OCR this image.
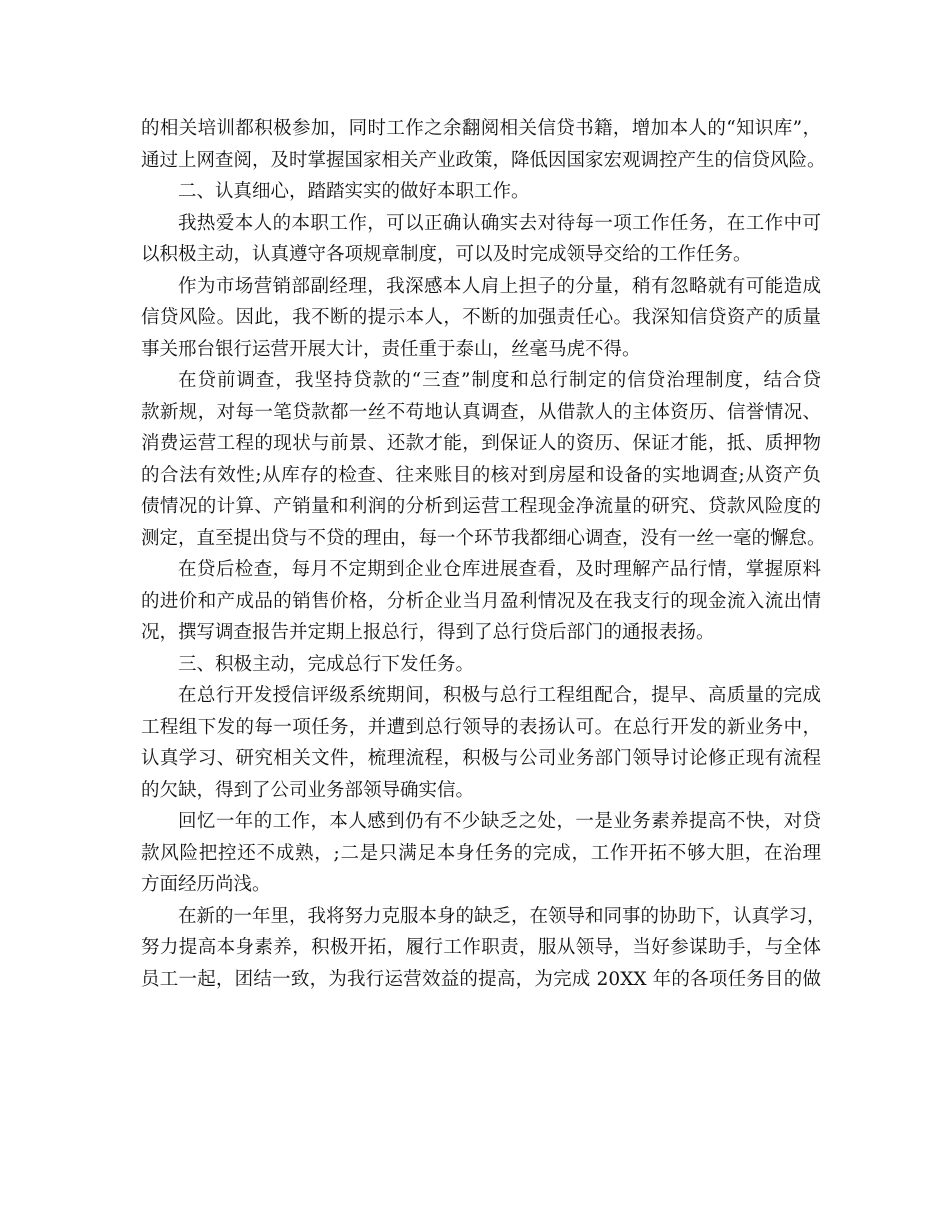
的相关培训都积极参加，同时工作之余翻阅相关信贷书籍，增加本人的“知识库”，
通过上网查阅，及时掌握国家相关产业政策，降低因国家宏观调控产生的信贷风险。
二、认真细心，踏踏实实的做好本职工作。
我热爱本人的本职工作，可以正确认确实去对待每一项工作任务，在工作中可
以积极主动，认真遵守各项规章制度，可以及时完成领导交给的工作任务。
作为市场营销部副经理，我深感本人肩上担子的分量，稍有忽略就有可能造成
信贷风险。因此，我不断的提示本人，不断的加强责任心。我深知信贷资产的质量
事关邢台银行运营开展大计，责任重于泰山，丝毫马虎不得。
在贷前调查，我坚持贷款的“三查”制度和总行制定的信贷治理制度，结合贷
款新规，对每一笔贷款都一丝不苟地认真调查，从借款人的主体资历、信誉情况、
消费运营工程的现状与前景、还款才能，到保证人的资历、保证才能，抵、质押物
的合法有效性;从库存的检查、往来账目的核对到房屋和设备的实地调查;从资产负
债情况的计算、产销量和利润的分析到运营工程现金净流量的研究、贷款风险度的
测定，直至提出贷与不贷的理由，每一个环节我都细心调查，没有一丝一毫的懈怠。
在贷后检查，每月不定期到企业仓库进展查看，及时理解产品行情，掌握原料
的进价和产成品的销售价格，分析企业当月盈利情况及在我支行的现金流入流出情
况，撰写调查报告并定期上报总行，得到了总行贷后部门的通报表扬。
三、积极主动，完成总行下发任务。
在总行开发授信评级系统期间，积极与总行工程组配合，提早、高质量的完成
工程组下发的每一项任务，并遭到总行领导的表扬认可。在总行开发的新业务中，
认真学习、研究相关文件，梳理流程，积极与公司业务部门领导讨论修正现有流程
的欠缺，得到了公司业务部领导确实信。
回忆一年的工作，本人感到仍有不少缺乏之处，一是业务素养提高不快，对贷
款风险把控还不成熟，;二是只满足本身任务的完成，工作开拓不够大胆，在治理
方面经历尚浅。
在新的一年里，我将努力克服本身的缺乏，在领导和同事的协助下，认真学习，
努力提高本身素养，积极开拓，履行工作职责，服从领导，当好参谋助手，与全体
员工一起，团结一致，为我行运营效益的提高，为完成 20XX 年的各项任务目的做
